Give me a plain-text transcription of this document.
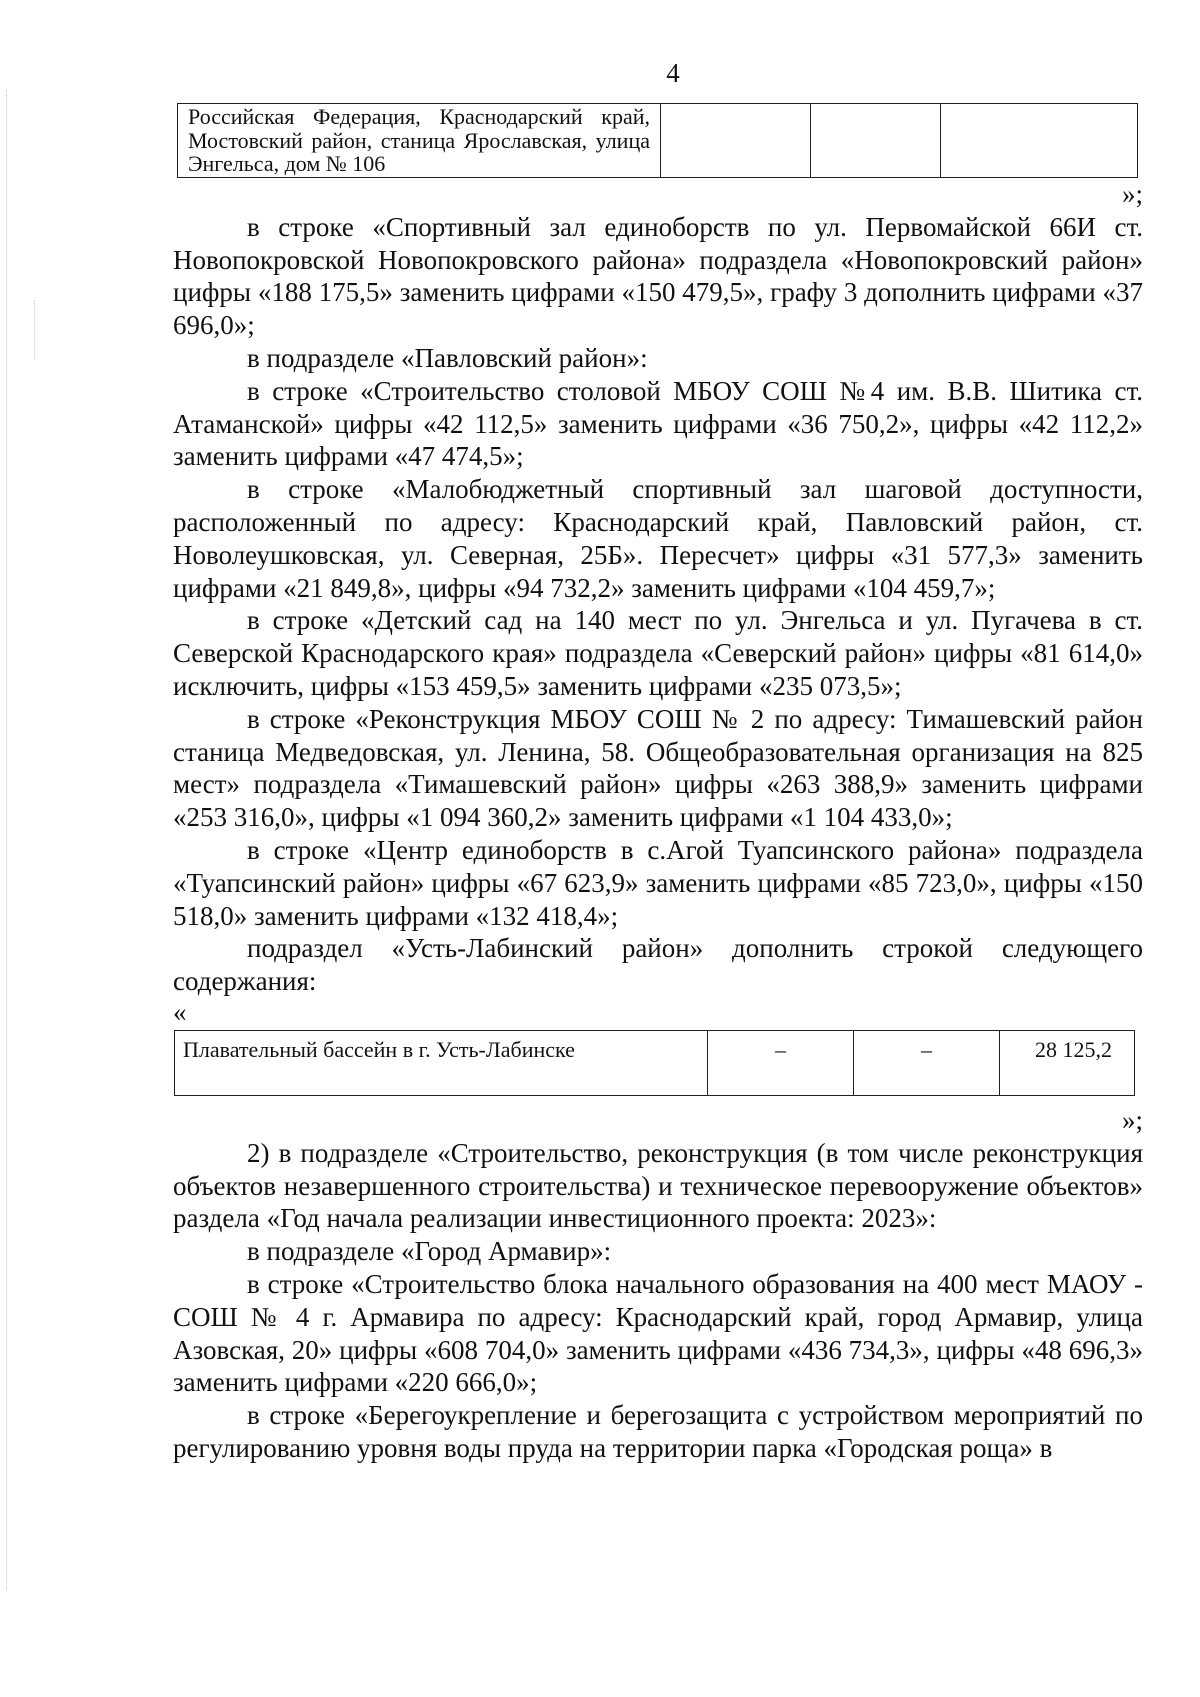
4
Российская Федерация, Краснодарский край, Мостовский район, станица Ярославская, улица Энгельса, дом № 106			

»;

в строке «Спортивный зал единоборств по ул. Первомайской 66И ст. Новопокровской Новопокровского района» подраздела «Новопокровский район» цифры «188 175,5» заменить цифрами «150 479,5», графу 3 дополнить цифрами «37 696,0»;

в подразделе «Павловский район»:

в строке «Строительство столовой МБОУ СОШ №4 им. В.В. Шитика ст. Атаманской» цифры «42 112,5» заменить цифрами «36 750,2», цифры «42 112,2» заменить цифрами «47 474,5»;

в строке «Малобюджетный спортивный зал шаговой доступности, расположенный по адресу: Краснодарский край, Павловский район, ст. Новолеушковская, ул. Северная, 25Б». Пересчет» цифры «31 577,3» заменить цифрами «21 849,8», цифры «94 732,2» заменить цифрами «104 459,7»;

в строке «Детский сад на 140 мест по ул. Энгельса и ул. Пугачева в ст. Северской Краснодарского края» подраздела «Северский район» цифры «81 614,0» исключить, цифры «153 459,5» заменить цифрами «235 073,5»;

в строке «Реконструкция МБОУ СОШ № 2 по адресу: Тимашевский район станица Медведовская, ул. Ленина, 58. Общеобразовательная организация на 825 мест» подраздела «Тимашевский район» цифры «263 388,9» заменить цифрами «253 316,0», цифры «1 094 360,2» заменить цифрами «1 104 433,0»;

в строке «Центр единоборств в с.Агой Туапсинского района» подраздела «Туапсинский район» цифры «67 623,9» заменить цифрами «85 723,0», цифры «150 518,0» заменить цифрами «132 418,4»;

подраздел «Усть-Лабинский район» дополнить строкой следующего содержания:

«

Плавательный бассейн в г. Усть-Лабинске	–	–	28 125,2

»;

2) в подразделе «Строительство, реконструкция (в том числе реконструкция объектов незавершенного строительства) и техническое перевооружение объектов» раздела «Год начала реализации инвестиционного проекта: 2023»:

в подразделе «Город Армавир»:

в строке «Строительство блока начального образования на 400 мест МАОУ - СОШ № 4 г. Армавира по адресу: Краснодарский край, город Армавир, улица Азовская, 20» цифры «608 704,0» заменить цифрами «436 734,3», цифры «48 696,3» заменить цифрами «220 666,0»;

в строке «Берегоукрепление и берегозащита с устройством мероприятий по регулированию уровня воды пруда на территории парка «Городская роща» в
